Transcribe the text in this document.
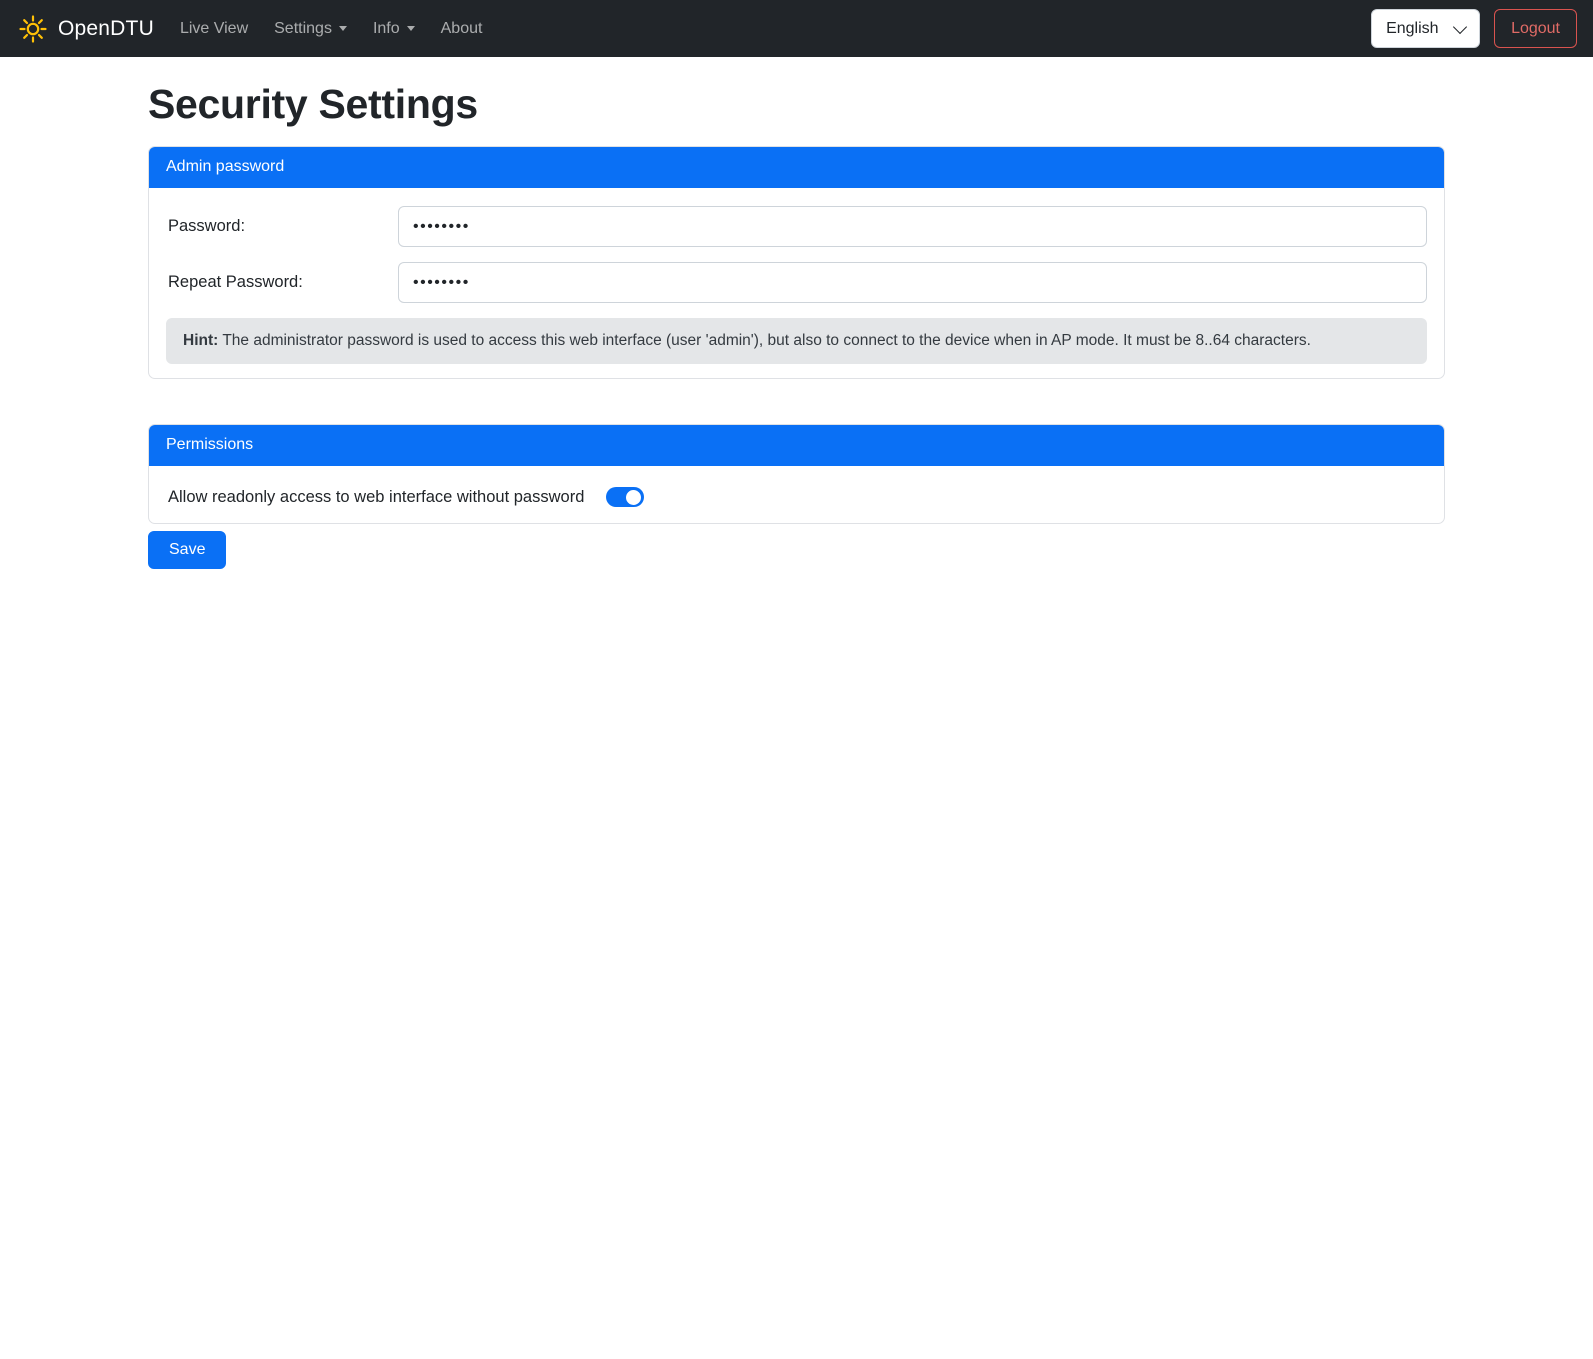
OpenDTU Live View Settings	Info	About
English	Logout
Security Settings
Admin password
Password:
••••••••
Repeat Password:
••••••••
Hint: The administrator password is used to access this web interface (user 'admin'), but also to connect to the device when in AP mode. It must be 8..64 characters.
Permissions
Allow readonly access to web interface without password
Save
